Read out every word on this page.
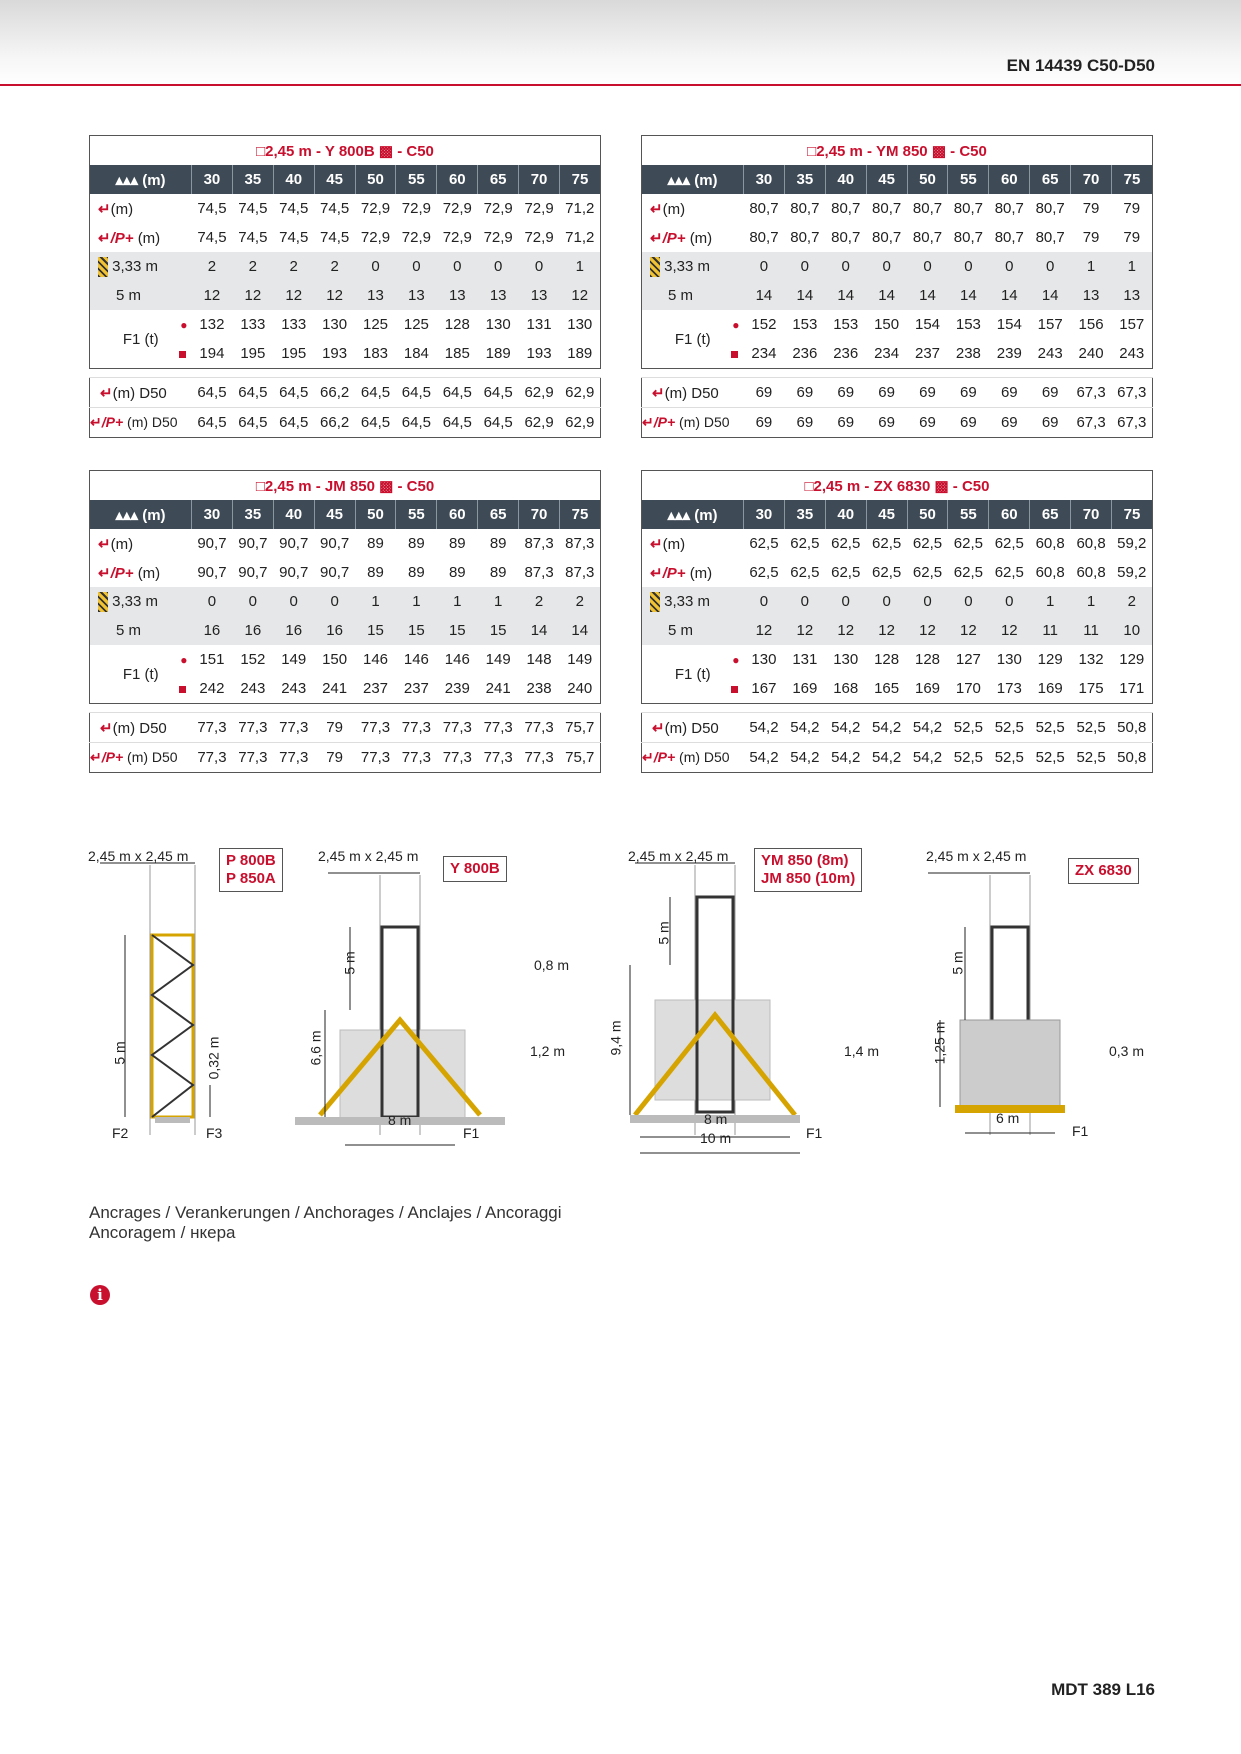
EN 14439 C50-D50
□2,45 m - Y 800B ▩ - C50										
▴▴▴ (m)	30	35	40	45	50	55	60	65	70	75
↵(m)	74,5	74,5	74,5	74,5	72,9	72,9	72,9	72,9	72,9	71,2
↵/P+ (m)	74,5	74,5	74,5	74,5	72,9	72,9	72,9	72,9	72,9	71,2
3,33 m	2	2	2	2	0	0	0	0	0	1
5 m	12	12	12	12	13	13	13	13	13	12
F1 (t)
●	132	133	133	130	125	125	128	130	131	130
	194	195	195	193	183	184	185	189	193	189
↵(m) D50	64,5	64,5	64,5	66,2	64,5	64,5	64,5	64,5	62,9	62,9
↵/P+ (m) D50	64,5	64,5	64,5	66,2	64,5	64,5	64,5	64,5	62,9	62,9
□2,45 m - YM 850 ▩ - C50										
▴▴▴ (m)	30	35	40	45	50	55	60	65	70	75
↵(m)	80,7	80,7	80,7	80,7	80,7	80,7	80,7	80,7	79	79
↵/P+ (m)	80,7	80,7	80,7	80,7	80,7	80,7	80,7	80,7	79	79
3,33 m	0	0	0	0	0	0	0	0	1	1
5 m	14	14	14	14	14	14	14	14	13	13
F1 (t)
●	152	153	153	150	154	153	154	157	156	157
	234	236	236	234	237	238	239	243	240	243
↵(m) D50	69	69	69	69	69	69	69	69	67,3	67,3
↵/P+ (m) D50	69	69	69	69	69	69	69	69	67,3	67,3
□2,45 m - JM 850 ▩ - C50										
▴▴▴ (m)	30	35	40	45	50	55	60	65	70	75
↵(m)	90,7	90,7	90,7	90,7	89	89	89	89	87,3	87,3
↵/P+ (m)	90,7	90,7	90,7	90,7	89	89	89	89	87,3	87,3
3,33 m	0	0	0	0	1	1	1	1	2	2
5 m	16	16	16	16	15	15	15	15	14	14
F1 (t)
●	151	152	149	150	146	146	146	149	148	149
	242	243	243	241	237	237	239	241	238	240
↵(m) D50	77,3	77,3	77,3	79	77,3	77,3	77,3	77,3	77,3	75,7
↵/P+ (m) D50	77,3	77,3	77,3	79	77,3	77,3	77,3	77,3	77,3	75,7
□2,45 m - ZX 6830 ▩ - C50										
▴▴▴ (m)	30	35	40	45	50	55	60	65	70	75
↵(m)	62,5	62,5	62,5	62,5	62,5	62,5	62,5	60,8	60,8	59,2
↵/P+ (m)	62,5	62,5	62,5	62,5	62,5	62,5	62,5	60,8	60,8	59,2
3,33 m	0	0	0	0	0	0	0	1	1	2
5 m	12	12	12	12	12	12	12	11	11	10
F1 (t)
●	130	131	130	128	128	127	130	129	132	129
	167	169	168	165	169	170	173	169	175	171
↵(m) D50	54,2	54,2	54,2	54,2	54,2	52,5	52,5	52,5	52,5	50,8
↵/P+ (m) D50	54,2	54,2	54,2	54,2	54,2	52,5	52,5	52,5	52,5	50,8
2,45 m x 2,45 m	P 800B
P 850A
5 m	0,32 m
F2	F3
2,45 m x 2,45 m
Y 800B
5 m
6,6 m
8 m
F1
0,8 m
1,2 m
2,45 m x 2,45 m YM 850 (8m)
JM 850 (10m)
5 m
9,4 m
8 m
10 m	F1
1,4 m
2,45 m x 2,45 m
ZX 6830
5 m
1,25 m
6 m
F1
0,3 m
Ancrages / Verankerungen / Anchorages / Anclajes / Ancoraggi
Ancoragem / нкера
i
MDT 389 L16
